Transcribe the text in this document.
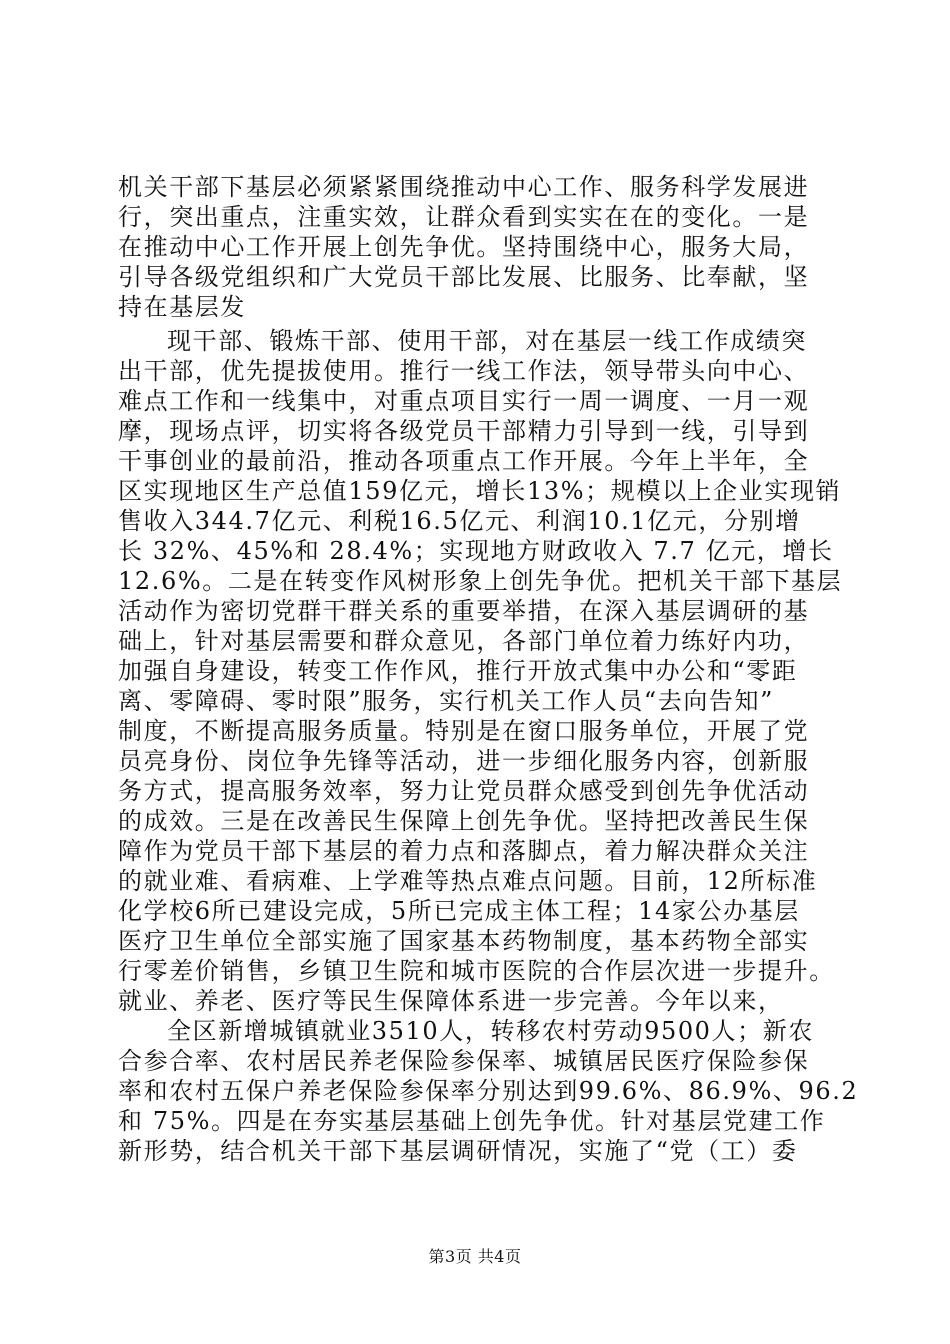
机关干部下基层必须紧紧围绕推动中心工作、服务科学发展进
行，突出重点，注重实效，让群众看到实实在在的变化。一是
在推动中心工作开展上创先争优。坚持围绕中心，服务大局，
引导各级党组织和广大党员干部比发展、比服务、比奉献，坚
持在基层发
现干部、锻炼干部、使用干部，对在基层一线工作成绩突
出干部，优先提拔使用。推行一线工作法，领导带头向中心、
难点工作和一线集中，对重点项目实行一周一调度、一月一观
摩，现场点评，切实将各级党员干部精力引导到一线，引导到
干事创业的最前沿，推动各项重点工作开展。今年上半年，全
区实现地区生产总值159亿元，增长13%；规模以上企业实现销
售收入344.7亿元、利税16.5亿元、利润10.1亿元，分别增
长 32%、45%和 28.4%；实现地方财政收入 7.7 亿元，增长
12.6%。二是在转变作风树形象上创先争优。把机关干部下基层
活动作为密切党群干群关系的重要举措，在深入基层调研的基
础上，针对基层需要和群众意见，各部门单位着力练好内功，
加强自身建设，转变工作作风，推行开放式集中办公和“零距
离、零障碍、零时限”服务，实行机关工作人员“去向告知”
制度，不断提高服务质量。特别是在窗口服务单位，开展了党
员亮身份、岗位争先锋等活动，进一步细化服务内容，创新服
务方式，提高服务效率，努力让党员群众感受到创先争优活动
的成效。三是在改善民生保障上创先争优。坚持把改善民生保
障作为党员干部下基层的着力点和落脚点，着力解决群众关注
的就业难、看病难、上学难等热点难点问题。目前，12所标准
化学校6所已建设完成，5所已完成主体工程；14家公办基层
医疗卫生单位全部实施了国家基本药物制度，基本药物全部实
行零差价销售，乡镇卫生院和城市医院的合作层次进一步提升。
就业、养老、医疗等民生保障体系进一步完善。今年以来，
全区新增城镇就业3510人，转移农村劳动9500人；新农
合参合率、农村居民养老保险参保率、城镇居民医疗保险参保
率和农村五保户养老保险参保率分别达到99.6%、86.9%、96.2
和 75%。四是在夯实基层基础上创先争优。针对基层党建工作
新形势，结合机关干部下基层调研情况，实施了“党（工）委
第3页 共4页
